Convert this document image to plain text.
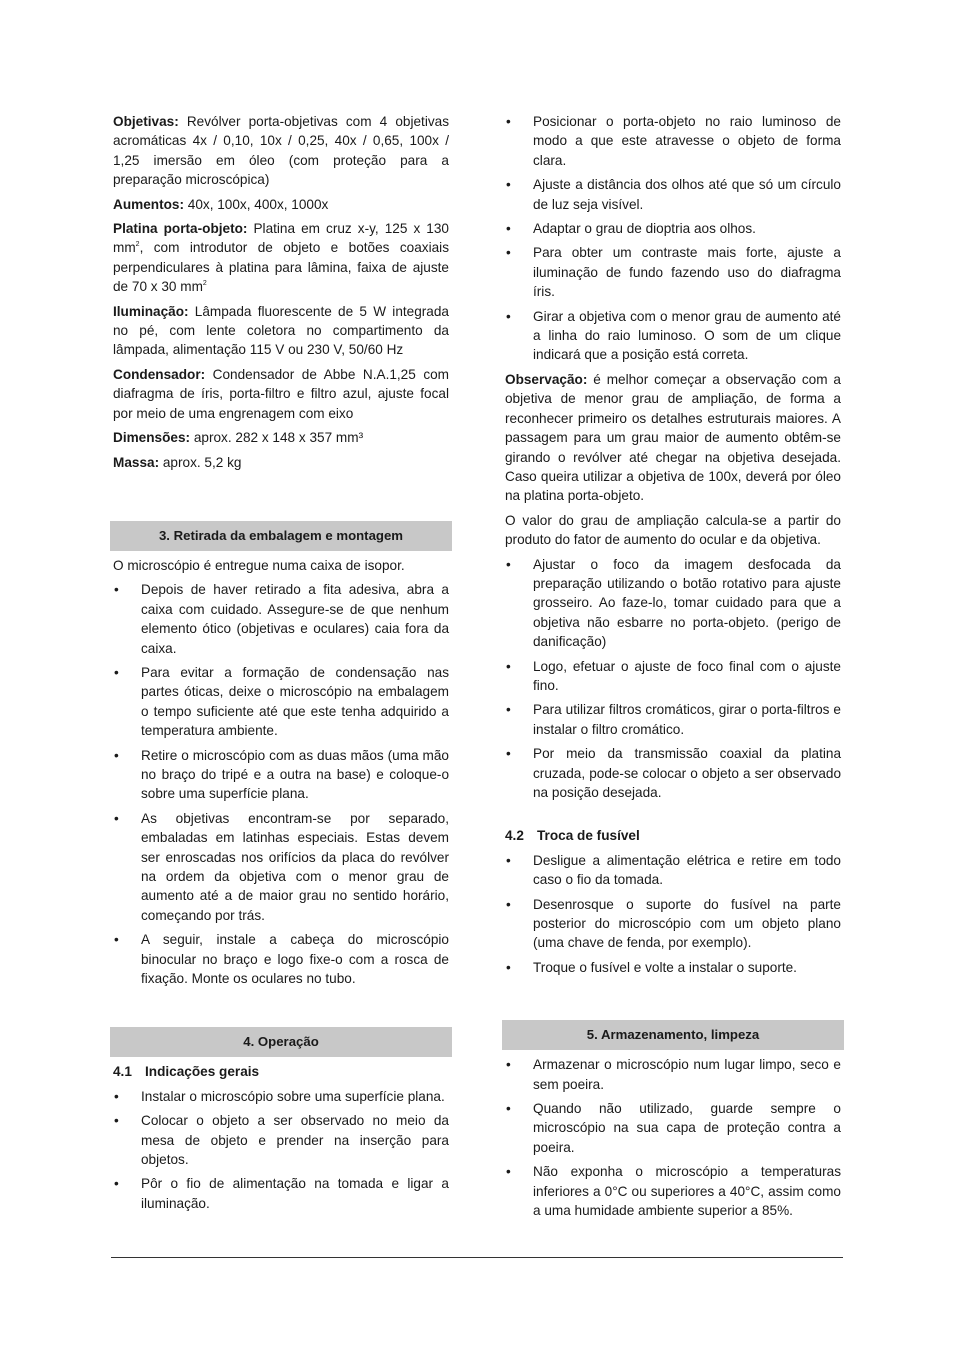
Objetivas: Revólver porta-objetivas com 4 objetivas acromáticas 4x / 0,10, 10x / 0,25, 40x / 0,65, 100x / 1,25 imersão em óleo (com proteção para a preparação microscópica)

Aumentos: 40x, 100x, 400x, 1000x

Platina porta-objeto: Platina em cruz x-y, 125 x 130 $mm^2$, com introdutor de objeto e botões coaxiais perpendiculares à platina para lâmina, faixa de ajuste de 70 x 30 $mm^2$

Iluminação: Lâmpada fluorescente de 5 W integrada no pé, com lente coletora no compartimento da lâmpada, alimentação 115 V ou 230 V, 50/60 Hz

Condensador: Condensador de Abbe N.A.1,25 com diafragma de íris, porta-filtro e filtro azul, ajuste focal por meio de uma engrenagem com eixo

Dimensões: aprox. 282 x 148 x 357 mm³

Massa: aprox. 5,2 kg

3. Retirada da embalagem e montagem

O microscópio é entregue numa caixa de isopor.

• Depois de haver retirado a fita adesiva, abra a caixa com cuidado. Assegure-se de que nenhum elemento ótico (objetivas e oculares) caia fora da caixa.
• Para evitar a formação de condensação nas partes óticas, deixe o microscópio na embalagem o tempo suficiente até que este tenha adquirido a temperatura ambiente.
• Retire o microscópio com as duas mãos (uma mão no braço do tripé e a outra na base) e coloque-o sobre uma superfície plana.
• As objetivas encontram-se por separado, embaladas em latinhas especiais. Estas devem ser enroscadas nos orifícios da placa do revólver na ordem da objetiva com o menor grau de aumento até a de maior grau no sentido horário, começando por trás.
• A seguir, instale a cabeça do microscópio binocular no braço e logo fixe-o com a rosca de fixação. Monte os oculares no tubo.
4. Operação

4.1 Indicações gerais

• Instalar o microscópio sobre uma superfície plana.
• Colocar o objeto a ser observado no meio da mesa de objeto e prender na inserção para objetos.
• Pôr o fio de alimentação na tomada e ligar a iluminação.
• Posicionar o porta-objeto no raio luminoso de modo a que este atravesse o objeto de forma clara.
• Ajuste a distância dos olhos até que só um círculo de luz seja visível.
• Adaptar o grau de dioptria aos olhos.
• Para obter um contraste mais forte, ajuste a iluminação de fundo fazendo uso do diafragma íris.
• Girar a objetiva com o menor grau de aumento até a linha do raio luminoso. O som de um clique indicará que a posição está correta.

Observação: é melhor começar a observação com a objetiva de menor grau de ampliação, de forma a reconhecer primeiro os detalhes estruturais maiores. A passagem para um grau maior de aumento obtêm-se girando o revólver até chegar na objetiva desejada. Caso queira utilizar a objetiva de 100x, deverá por óleo na platina porta-objeto.

O valor do grau de ampliação calcula-se a partir do produto do fator de aumento do ocular e da objetiva.

• Ajustar o foco da imagem desfocada da preparação utilizando o botão rotativo para ajuste grosseiro. Ao faze-lo, tomar cuidado para que a objetiva não esbarre no porta-objeto. (perigo de danificação)
• Logo, efetuar o ajuste de foco final com o ajuste fino.
• Para utilizar filtros cromáticos, girar o porta-filtros e instalar o filtro cromático.
• Por meio da transmissão coaxial da platina cruzada, pode-se colocar o objeto a ser observado na posição desejada.

4.2 Troca de fusível

• Desligue a alimentação elétrica e retire em todo caso o fio da tomada.
• Desenrosque o suporte do fusível na parte posterior do microscópio com um objeto plano (uma chave de fenda, por exemplo).
• Troque o fusível e volte a instalar o suporte.
5. Armazenamento, limpeza
• Armazenar o microscópio num lugar limpo, seco e sem poeira.
• Quando não utilizado, guarde sempre o microscópio na sua capa de proteção contra a poeira.
• Não exponha o microscópio a temperaturas inferiores a 0°C ou superiores a 40°C, assim como a uma humidade ambiente superior a 85%.
